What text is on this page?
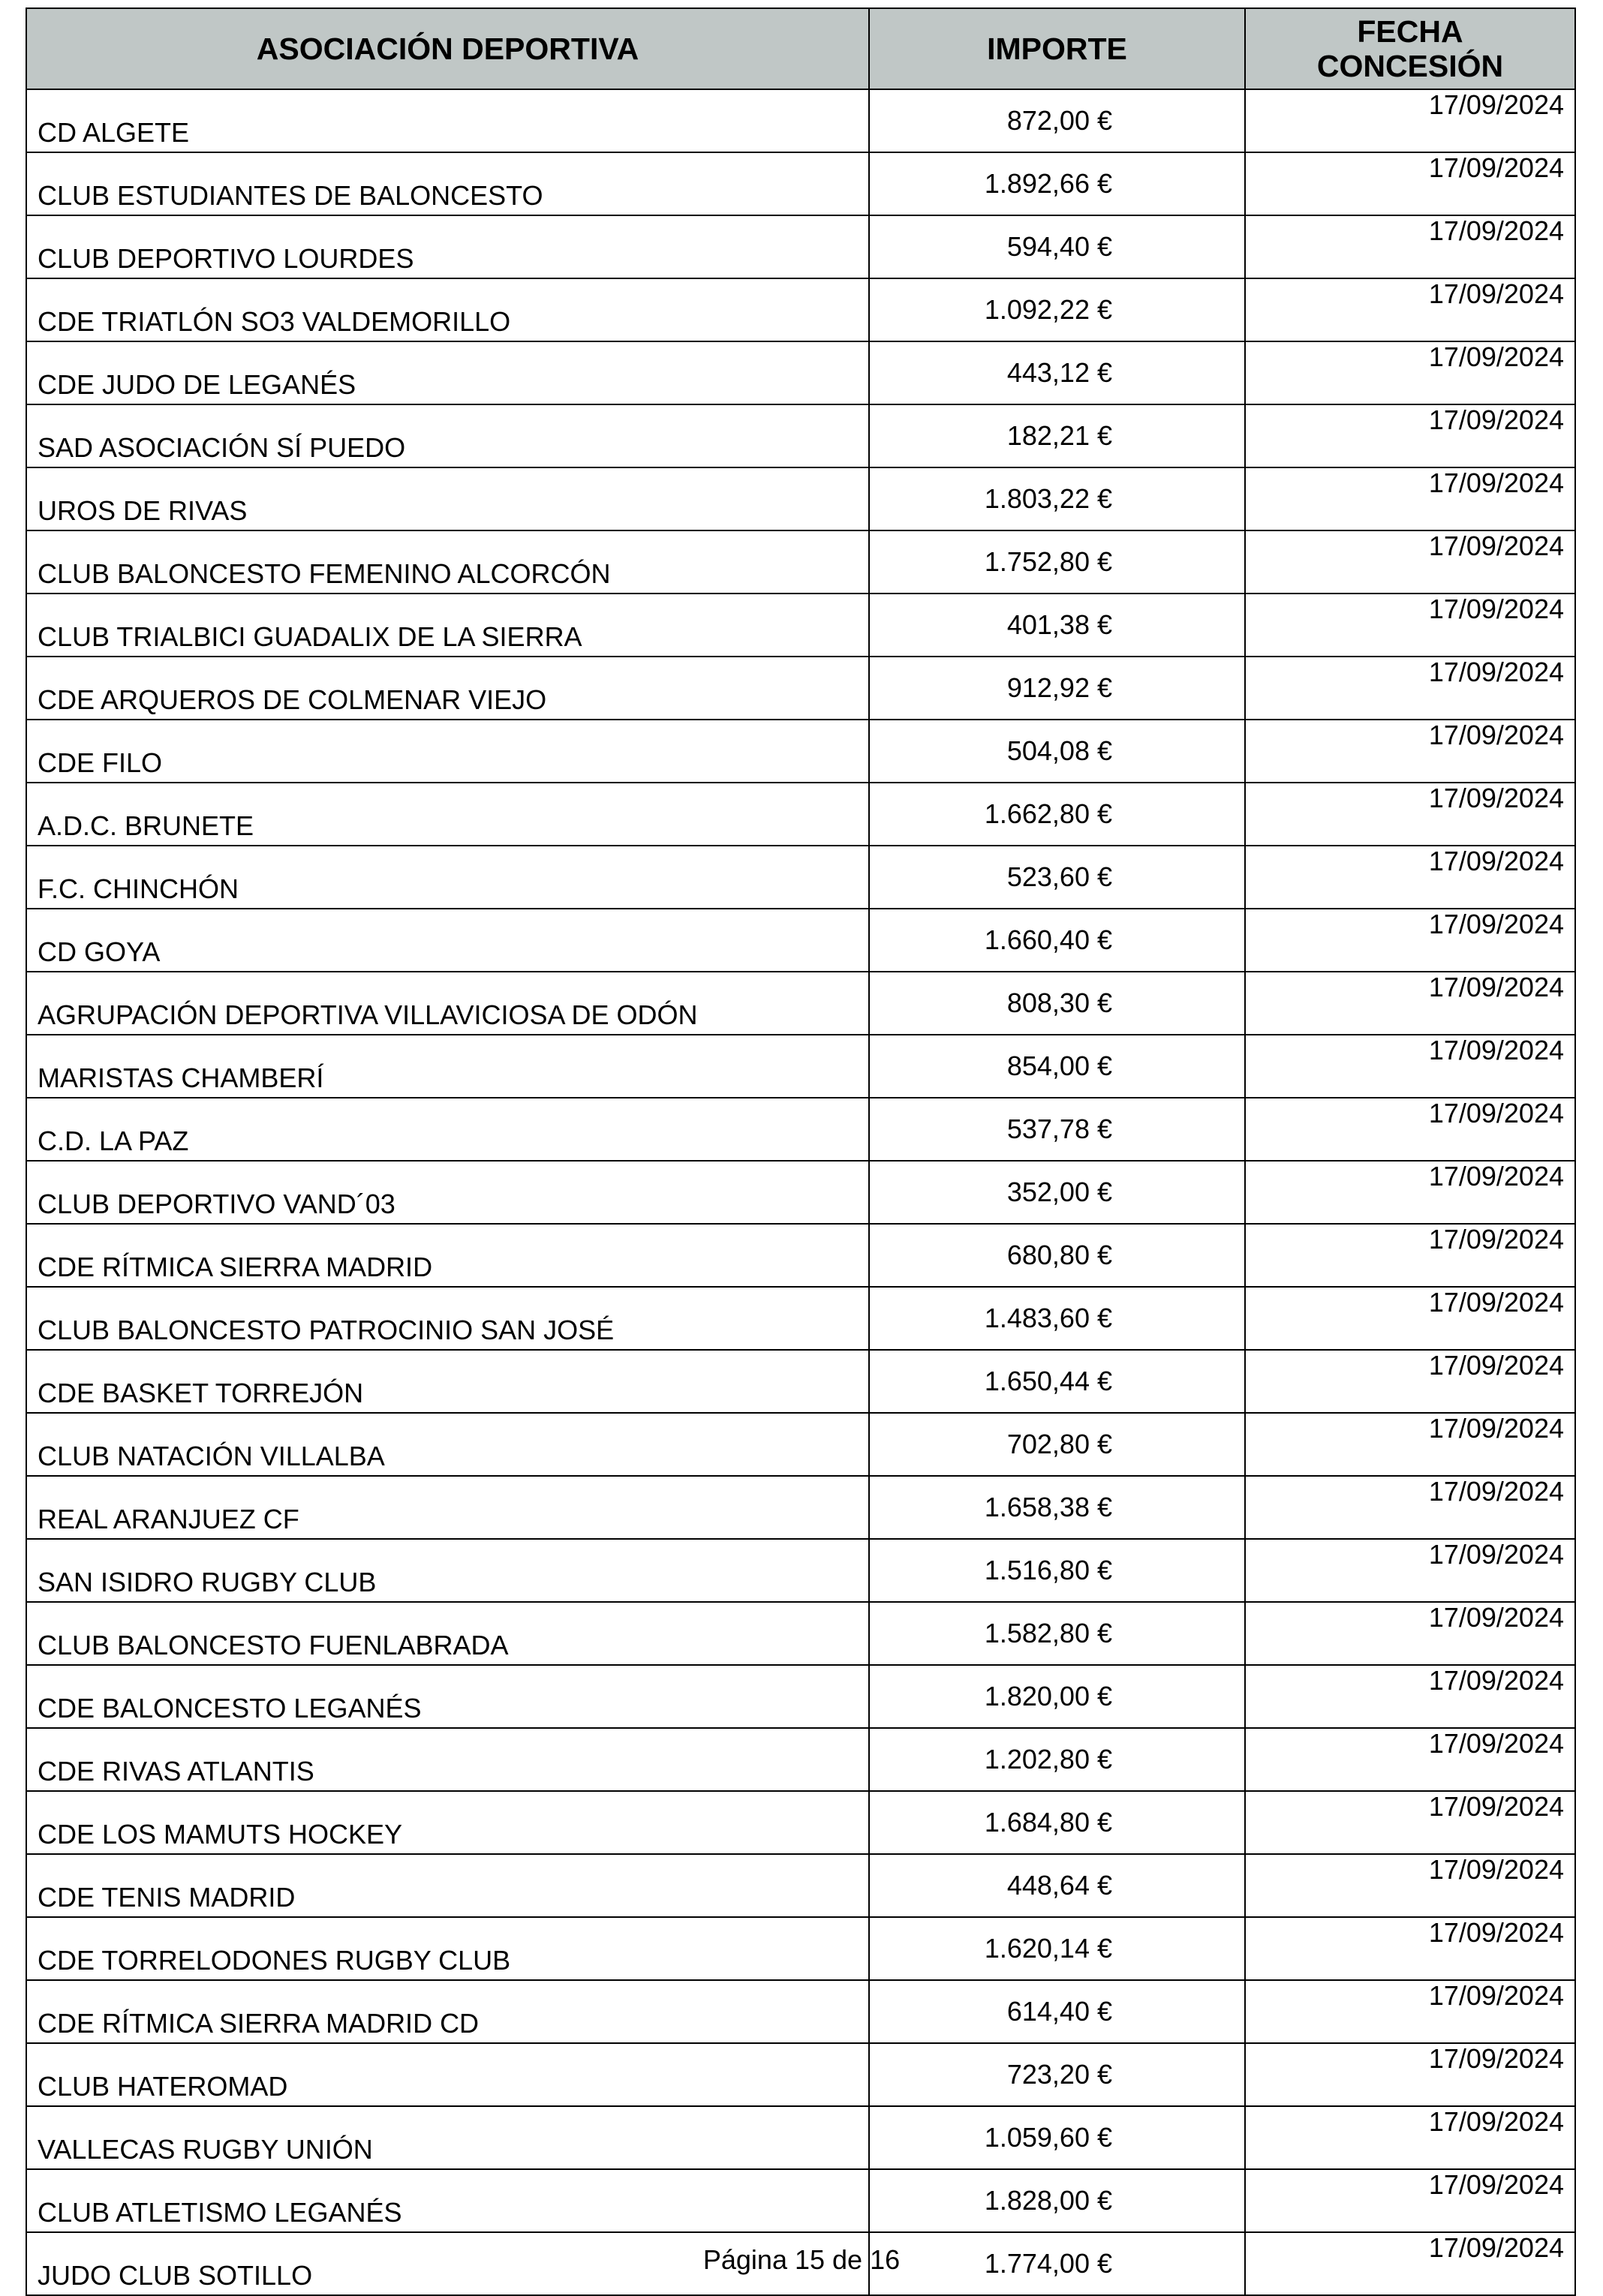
ASOCIACIÓN DEPORTIVA	IMPORTE	FECHA
CONCESIÓN

CD ALGETE	872,00 €	17/09/2024

CLUB ESTUDIANTES DE BALONCESTO	1.892,66 €	17/09/2024

CLUB DEPORTIVO LOURDES	594,40 €	17/09/2024

CDE TRIATLÓN SO3 VALDEMORILLO	1.092,22 €	17/09/2024

CDE JUDO DE LEGANÉS	443,12 €	17/09/2024

SAD ASOCIACIÓN SÍ PUEDO	182,21 €	17/09/2024

UROS DE RIVAS	1.803,22 €	17/09/2024

CLUB BALONCESTO FEMENINO ALCORCÓN	1.752,80 €	17/09/2024

CLUB TRIALBICI GUADALIX DE LA SIERRA	401,38 €	17/09/2024

CDE ARQUEROS DE COLMENAR VIEJO	912,92 €	17/09/2024

CDE FILO	504,08 €	17/09/2024

A.D.C. BRUNETE	1.662,80 €	17/09/2024

F.C. CHINCHÓN	523,60 €	17/09/2024

CD GOYA	1.660,40 €	17/09/2024

AGRUPACIÓN DEPORTIVA VILLAVICIOSA DE ODÓN	808,30 €	17/09/2024

MARISTAS CHAMBERÍ	854,00 €	17/09/2024

C.D. LA PAZ	537,78 €	17/09/2024

CLUB DEPORTIVO VAND´03	352,00 €	17/09/2024

CDE RÍTMICA SIERRA MADRID	680,80 €	17/09/2024

CLUB BALONCESTO PATROCINIO SAN JOSÉ	1.483,60 €	17/09/2024

CDE BASKET TORREJÓN	1.650,44 €	17/09/2024

CLUB NATACIÓN VILLALBA	702,80 €	17/09/2024

REAL ARANJUEZ CF	1.658,38 €	17/09/2024

SAN ISIDRO RUGBY CLUB	1.516,80 €	17/09/2024

CLUB BALONCESTO FUENLABRADA	1.582,80 €	17/09/2024

CDE BALONCESTO LEGANÉS	1.820,00 €	17/09/2024

CDE RIVAS ATLANTIS	1.202,80 €	17/09/2024

CDE LOS MAMUTS HOCKEY	1.684,80 €	17/09/2024

CDE TENIS MADRID	448,64 €	17/09/2024

CDE TORRELODONES RUGBY CLUB	1.620,14 €	17/09/2024

CDE RÍTMICA SIERRA MADRID CD	614,40 €	17/09/2024

CLUB HATEROMAD	723,20 €	17/09/2024

VALLECAS RUGBY UNIÓN	1.059,60 €	17/09/2024

CLUB ATLETISMO LEGANÉS	1.828,00 €	17/09/2024

JUDO CLUB SOTILLO	1.774,00 €	17/09/2024
Página 15 de 16
